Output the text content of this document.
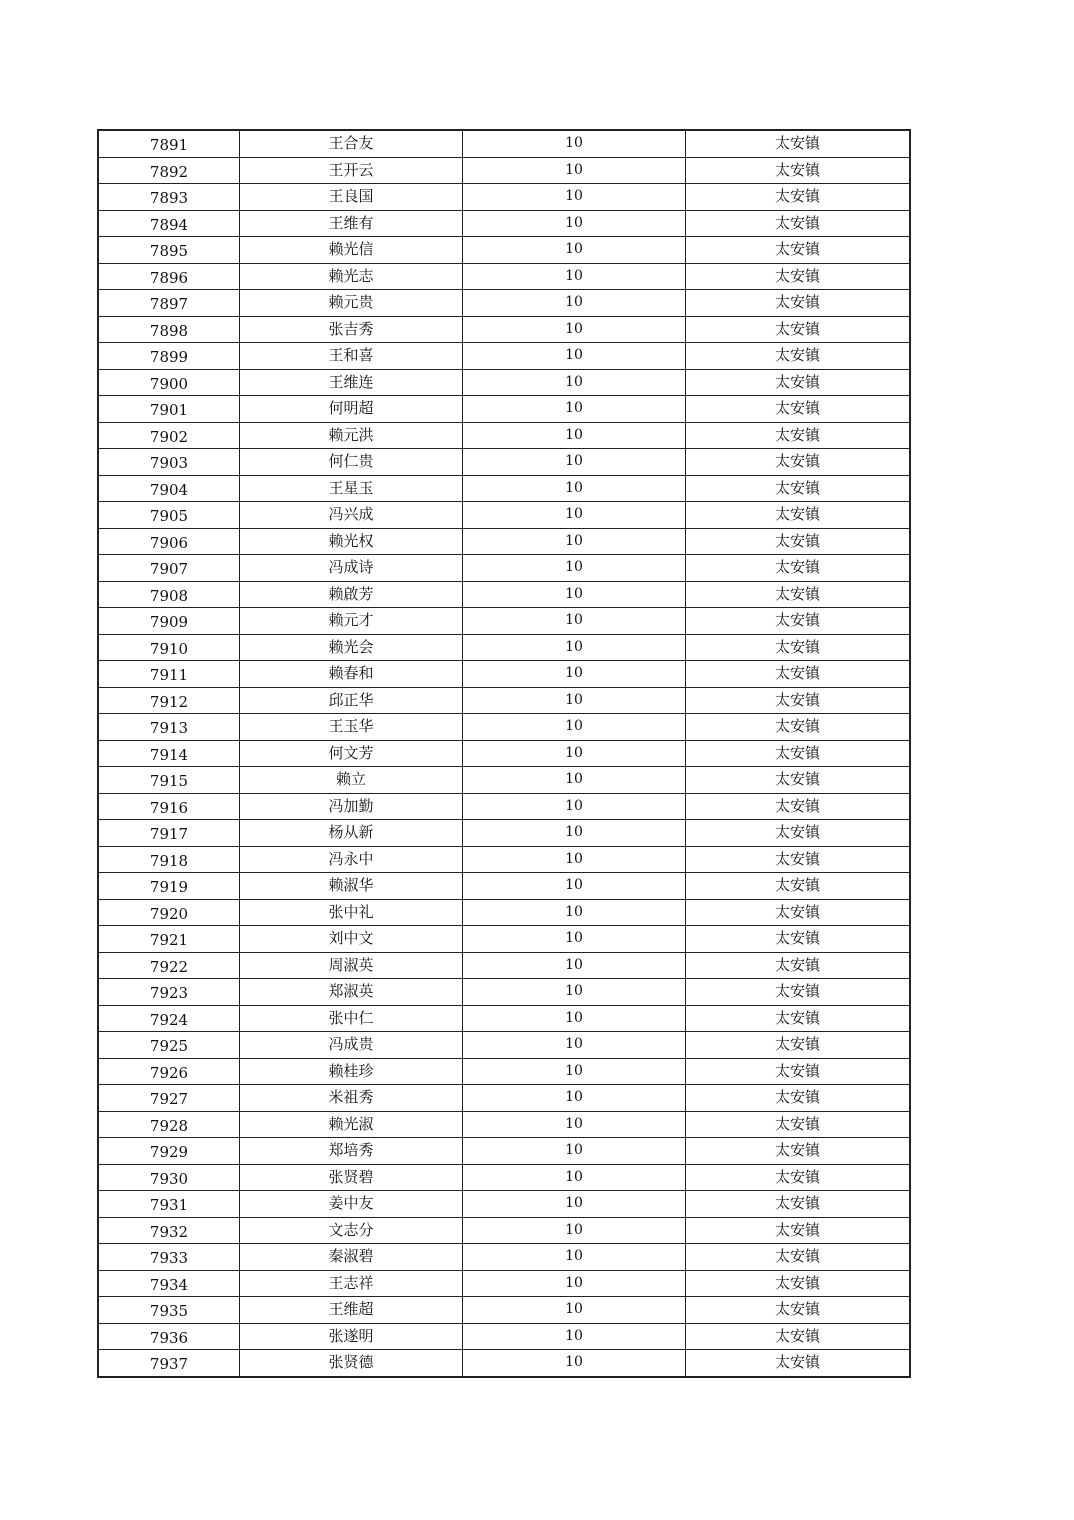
7891	王合友	10	太安镇
7892	王开云	10	太安镇
7893	王良国	10	太安镇
7894	王维有	10	太安镇
7895	赖光信	10	太安镇
7896	赖光志	10	太安镇
7897	赖元贵	10	太安镇
7898	张吉秀	10	太安镇
7899	王和喜	10	太安镇
7900	王维连	10	太安镇
7901	何明超	10	太安镇
7902	赖元洪	10	太安镇
7903	何仁贵	10	太安镇
7904	王星玉	10	太安镇
7905	冯兴成	10	太安镇
7906	赖光权	10	太安镇
7907	冯成诗	10	太安镇
7908	赖啟芳	10	太安镇
7909	赖元才	10	太安镇
7910	赖光会	10	太安镇
7911	赖春和	10	太安镇
7912	邱正华	10	太安镇
7913	王玉华	10	太安镇
7914	何文芳	10	太安镇
7915	赖立	10	太安镇
7916	冯加勤	10	太安镇
7917	杨从新	10	太安镇
7918	冯永中	10	太安镇
7919	赖淑华	10	太安镇
7920	张中礼	10	太安镇
7921	刘中文	10	太安镇
7922	周淑英	10	太安镇
7923	郑淑英	10	太安镇
7924	张中仁	10	太安镇
7925	冯成贵	10	太安镇
7926	赖桂珍	10	太安镇
7927	米祖秀	10	太安镇
7928	赖光淑	10	太安镇
7929	郑培秀	10	太安镇
7930	张贤碧	10	太安镇
7931	姜中友	10	太安镇
7932	文志分	10	太安镇
7933	秦淑碧	10	太安镇
7934	王志祥	10	太安镇
7935	王维超	10	太安镇
7936	张遂明	10	太安镇
7937	张贤德	10	太安镇
